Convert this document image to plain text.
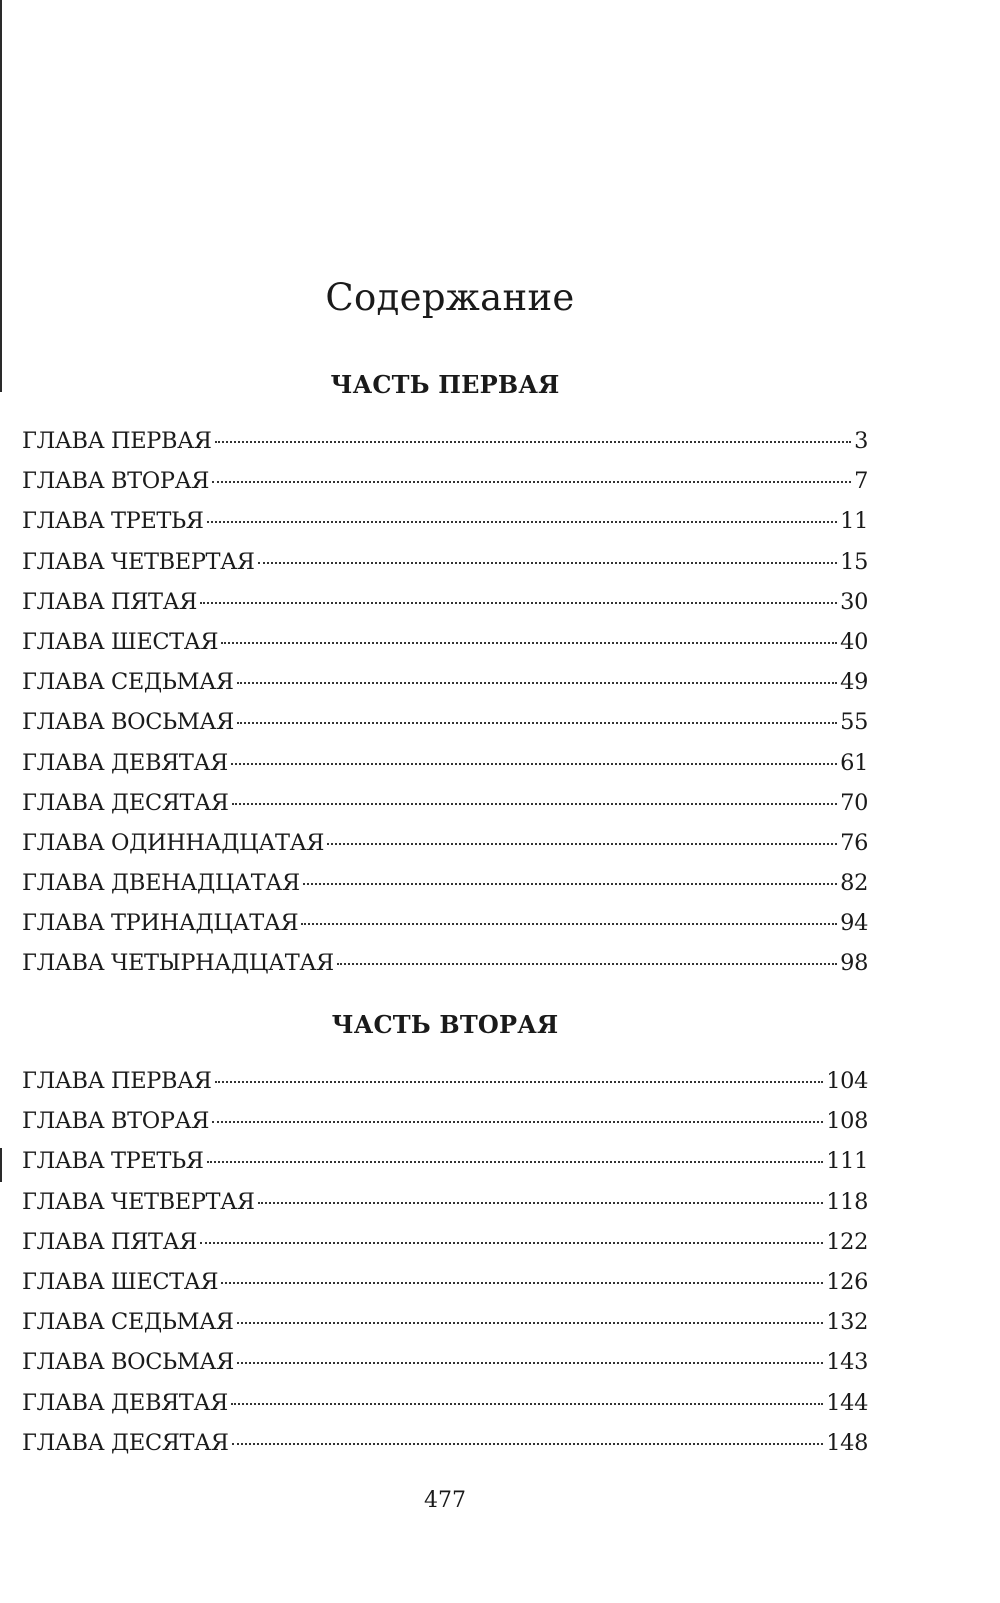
Содержание
ЧАСТЬ ПЕРВАЯ
ГЛАВА ПЕРВАЯ	3
ГЛАВА ВТОРАЯ	7
ГЛАВА ТРЕТЬЯ	11
ГЛАВА ЧЕТВЕРТАЯ	15
ГЛАВА ПЯТАЯ	30
ГЛАВА ШЕСТАЯ	40
ГЛАВА СЕДЬМАЯ	49
ГЛАВА ВОСЬМАЯ	55
ГЛАВА ДЕВЯТАЯ	61
ГЛАВА ДЕСЯТАЯ	70
ГЛАВА ОДИННАДЦАТАЯ	76
ГЛАВА ДВЕНАДЦАТАЯ	82
ГЛАВА ТРИНАДЦАТАЯ	94
ГЛАВА ЧЕТЫРНАДЦАТАЯ	98
ЧАСТЬ ВТОРАЯ
ГЛАВА ПЕРВАЯ	104
ГЛАВА ВТОРАЯ	108
ГЛАВА ТРЕТЬЯ	111
ГЛАВА ЧЕТВЕРТАЯ	118
ГЛАВА ПЯТАЯ	122
ГЛАВА ШЕСТАЯ	126
ГЛАВА СЕДЬМАЯ	132
ГЛАВА ВОСЬМАЯ	143
ГЛАВА ДЕВЯТАЯ	144
ГЛАВА ДЕСЯТАЯ	148
477
